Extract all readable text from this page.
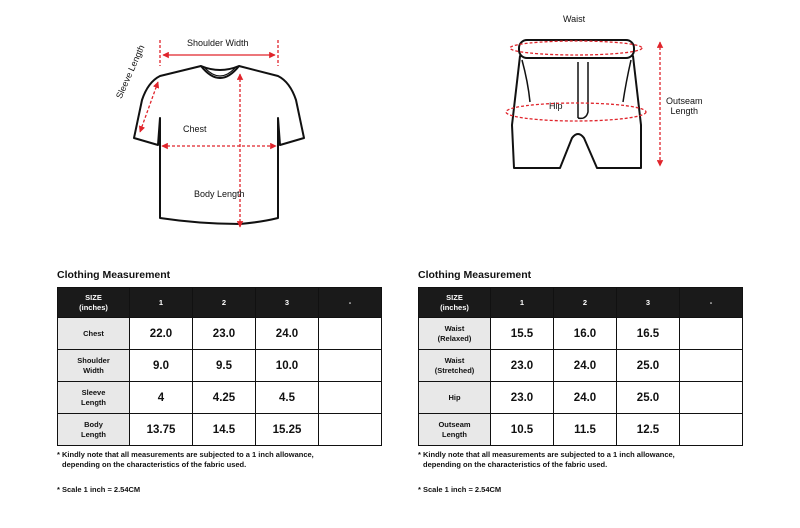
Shoulder Width
Sleeve Length
Chest
Body Length
Waist
Hip	Outseam
Length
Clothing Measurement
SIZE
(inches)	1	2	3	-
Chest	22.0	23.0	24.0	
Shoulder
Width	9.0	9.5	10.0	
Sleeve
Length	4	4.25	4.5	
Body
Length	13.75	14.5	15.25	
* Kindly note that all measurements are subjected to a 1 inch allowance,
depending on the characteristics of the fabric used.
* Scale 1 inch = 2.54CM
Clothing Measurement
SIZE
(inches)	1	2	3	-
Waist
(Relaxed)	15.5	16.0	16.5	
Waist
(Stretched)	23.0	24.0	25.0	
Hip	23.0	24.0	25.0	
Outseam
Length	10.5	11.5	12.5	
* Kindly note that all measurements are subjected to a 1 inch allowance,
depending on the characteristics of the fabric used.
* Scale 1 inch = 2.54CM
